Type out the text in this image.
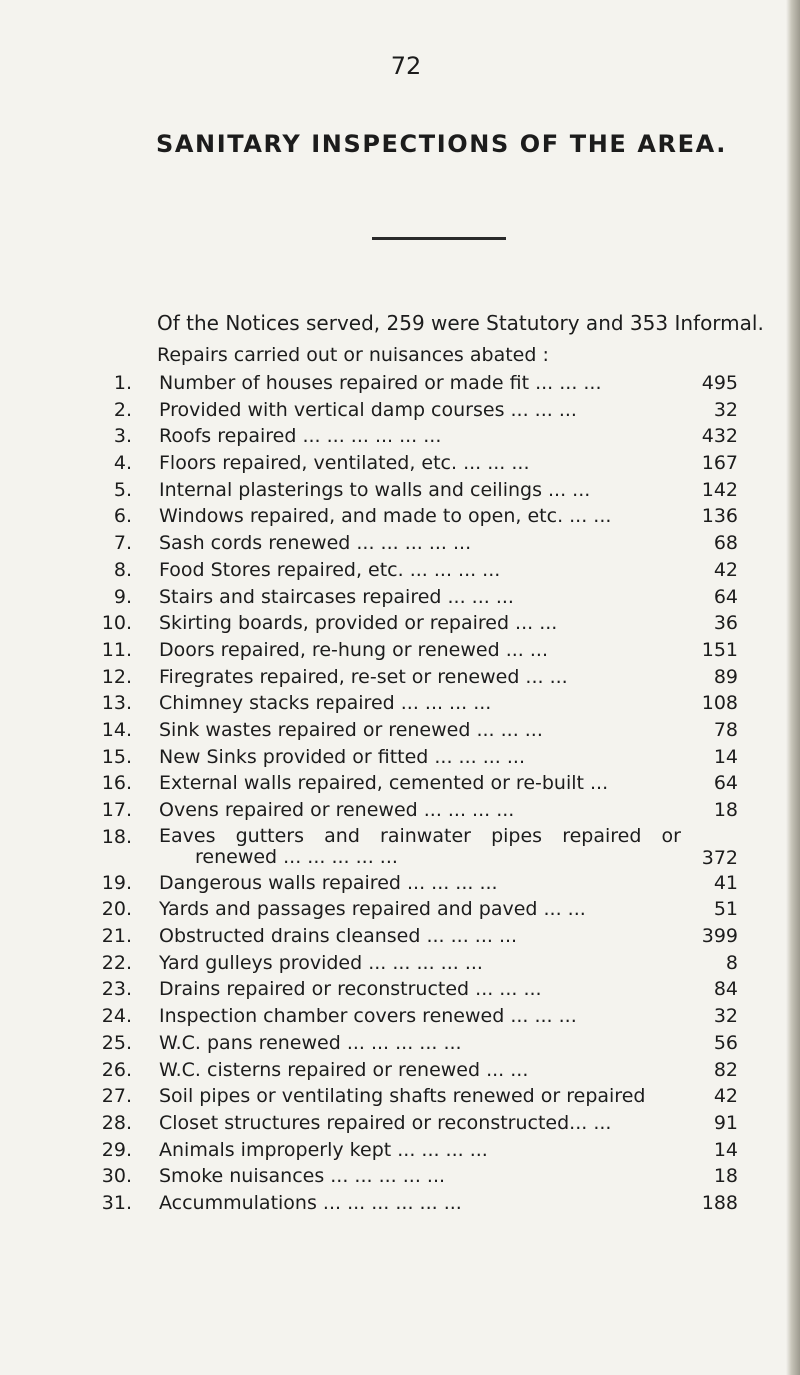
72
SANITARY INSPECTIONS OF THE AREA.
Of the Notices served, 259 were Statutory and 353 Informal.
Repairs carried out or nuisances abated :
1. Number of houses repaired or made fit ... ... ...	495
2. Provided with vertical damp courses ... ... ...	32
3. Roofs repaired ... ... ... ... ... ...	432
4. Floors repaired, ventilated, etc. ... ... ...	167
5. Internal plasterings to walls and ceilings ... ...	142
6. Windows repaired, and made to open, etc. ... ...	136
7. Sash cords renewed ... ... ... ... ...	68
8. Food Stores repaired, etc. ... ... ... ...	42
9. Stairs and staircases repaired ... ... ...	64
10. Skirting boards, provided or repaired ... ...	36
11. Doors repaired, re-hung or renewed ... ...	151
12. Firegrates repaired, re-set or renewed ... ...	89
13. Chimney stacks repaired ... ... ... ...	108
14. Sink wastes repaired or renewed ... ... ...	78
15. New Sinks provided or fitted ... ... ... ...	14
16. External walls repaired, cemented or re-built ...	64
17. Ovens repaired or renewed ... ... ... ...	18
18. Eaves gutters and rainwater pipes repaired or
renewed ... ... ... ... ...	372
19. Dangerous walls repaired ... ... ... ...	41
20. Yards and passages repaired and paved ... ...	51
21. Obstructed drains cleansed ... ... ... ...	399
22. Yard gulleys provided ... ... ... ... ...	8
23. Drains repaired or reconstructed ... ... ...	84
24. Inspection chamber covers renewed ... ... ...	32
25. W.C. pans renewed ... ... ... ... ...	56
26. W.C. cisterns repaired or renewed ... ...	82
27. Soil pipes or ventilating shafts renewed or repaired	42
28. Closet structures repaired or reconstructed... ...	91
29. Animals improperly kept ... ... ... ...	14
30. Smoke nuisances ... ... ... ... ...	18
31. Accummulations ... ... ... ... ... ...	188
